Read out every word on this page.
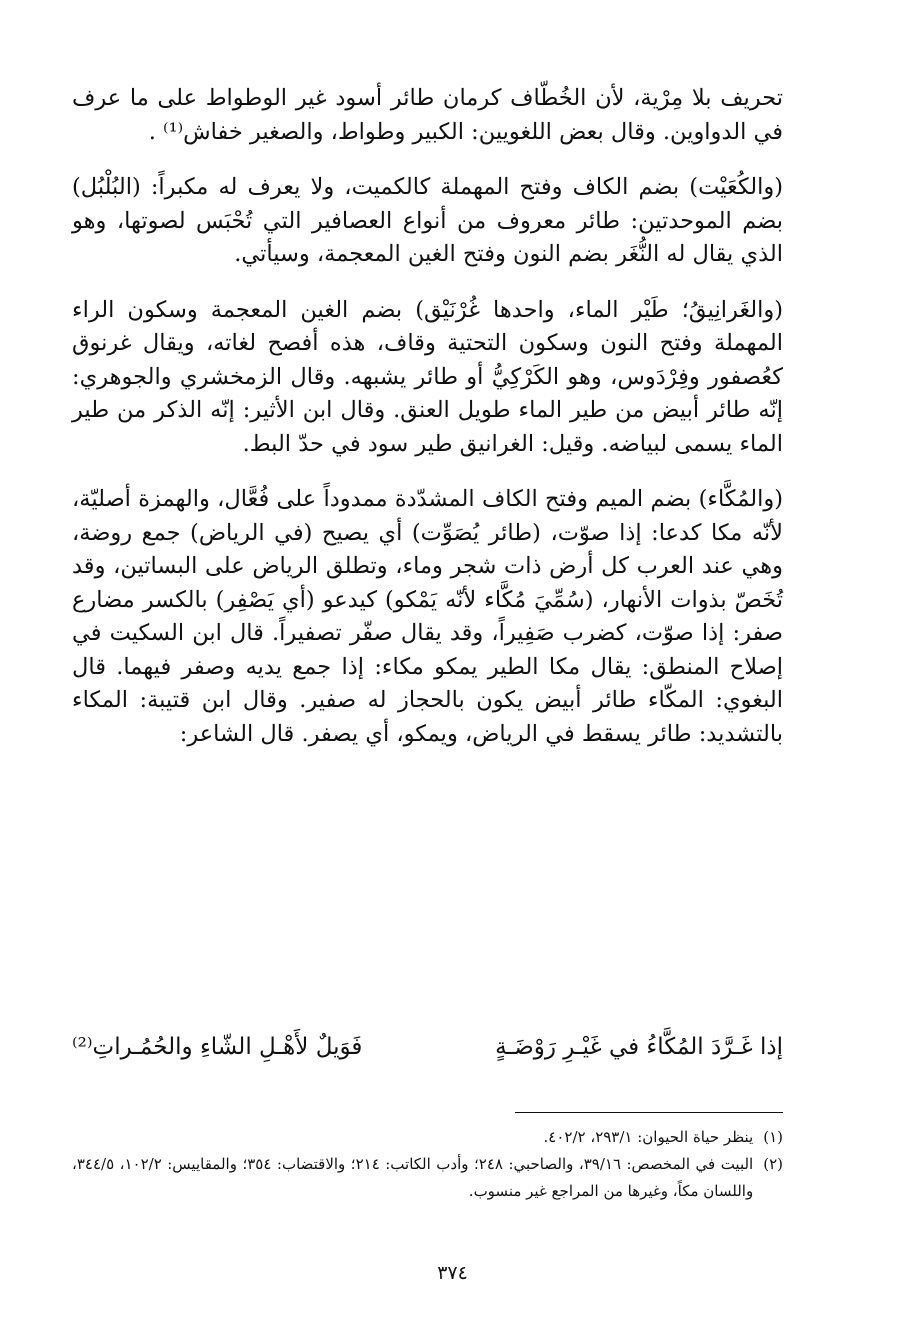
تحريف بلا مِرْية، لأن الخُطّاف كرمان طائر أسود غير الوطواط على ما عرف في الدواوين. وقال بعض اللغويين: الكبير وطواط، والصغير خفاش⁽¹⁾ .

(والكُعَيْت) بضم الكاف وفتح المهملة كالكميت، ولا يعرف له مكبراً: (البُلْبُل) بضم الموحدتين: طائر معروف من أنواع العصافير التي تُحْبَس لصوتها، وهو الذي يقال له النُّغَر بضم النون وفتح الغين المعجمة، وسيأتي.

(والغَرانِيقُ؛ طَيْر الماء، واحدها غُرْنَيْق) بضم الغين المعجمة وسكون الراء المهملة وفتح النون وسكون التحتية وقاف، هذه أفصح لغاته، ويقال غرنوق كعُصفور وفِرْدَوس، وهو الكَرْكِيُّ أو طائر يشبهه. وقال الزمخشري والجوهري: إنّه طائر أبيض من طير الماء طويل العنق. وقال ابن الأثير: إنّه الذكر من طير الماء يسمى لبياضه. وقيل: الغرانيق طير سود في حدّ البط.

(والمُكَّاء) بضم الميم وفتح الكاف المشدّدة ممدوداً على فُعَّال، والهمزة أصليّة، لأنّه مكا كدعا: إذا صوّت، (طائر يُصَوِّت) أي يصيح (في الرياض) جمع روضة، وهي عند العرب كل أرض ذات شجر وماء، وتطلق الرياض على البساتين، وقد تُخَصّ بذوات الأنهار، (سُمِّيَ مُكَّاء لأنّه يَمْكو) كيدعو (أي يَصْفِر) بالكسر مضارع صفر: إذا صوّت، كضرب صَفِيراً، وقد يقال صفّر تصفيراً. قال ابن السكيت في إصلاح المنطق: يقال مكا الطير يمكو مكاء: إذا جمع يديه وصفر فيهما. قال البغوي: المكّاء طائر أبيض يكون بالحجاز له صفير. وقال ابن قتيبة: المكاء بالتشديد: طائر يسقط في الرياض، ويمكو، أي يصفر. قال الشاعر:

إذا غَـرَّدَ المُكَّاءُ في غَيْـرِ رَوْضَـةٍ
فَوَيلٌ لأَهْـلِ الشّاءِ والحُمُـراتِ⁽²⁾
(١)
ينظر حياة الحيوان: ٢٩٣/١، ٤٠٢/٢.
(٢)
البيت في المخصص: ٣٩/١٦، والصاحبي: ٢٤٨؛ وأدب الكاتب: ٢١٤؛ والاقتضاب: ٣٥٤؛ والمقاييس: ١٠٢/٢، ٣٤٤/٥، واللسان مكاً، وغيرها من المراجع غير منسوب.
٣٧٤
